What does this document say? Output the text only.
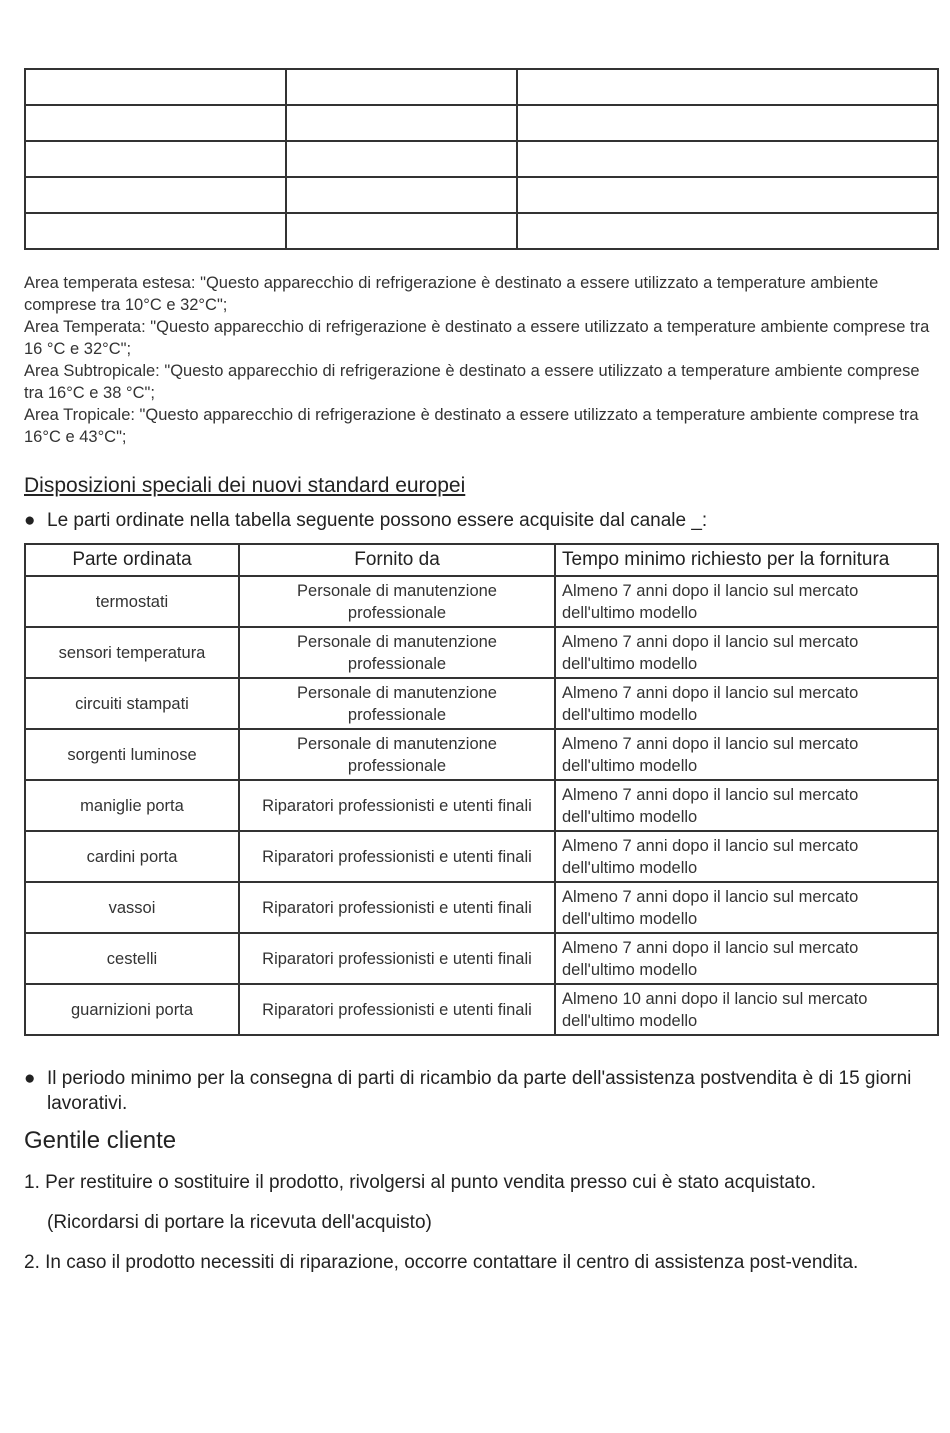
Area temperata estesa: "Questo apparecchio di refrigerazione è destinato a essere utilizzato a temperature ambiente comprese tra 10°C e 32°C";

Area Temperata: "Questo apparecchio di refrigerazione è destinato a essere utilizzato a temperature ambiente comprese tra 16 °C e 32°C";

Area Subtropicale: "Questo apparecchio di refrigerazione è destinato a essere utilizzato a temperature ambiente comprese tra 16°C e 38 °C";

Area Tropicale: "Questo apparecchio di refrigerazione è destinato a essere utilizzato a temperature ambiente comprese tra 16°C e 43°C";

Disposizioni speciali dei nuovi standard europei
● Le parti ordinate nella tabella seguente possono essere acquisite dal canale _:
Parte ordinata	Fornito da	Tempo minimo richiesto per la fornitura
termostati	Personale di manutenzione professionale	Almeno 7 anni dopo il lancio sul mercato dell'ultimo modello
sensori temperatura	Personale di manutenzione professionale	Almeno 7 anni dopo il lancio sul mercato dell'ultimo modello
circuiti stampati	Personale di manutenzione professionale	Almeno 7 anni dopo il lancio sul mercato dell'ultimo modello
sorgenti luminose	Personale di manutenzione professionale	Almeno 7 anni dopo il lancio sul mercato dell'ultimo modello
maniglie porta	Riparatori professionisti e utenti finali	Almeno 7 anni dopo il lancio sul mercato dell'ultimo modello
cardini porta	Riparatori professionisti e utenti finali	Almeno 7 anni dopo il lancio sul mercato dell'ultimo modello
vassoi	Riparatori professionisti e utenti finali	Almeno 7 anni dopo il lancio sul mercato dell'ultimo modello
cestelli	Riparatori professionisti e utenti finali	Almeno 7 anni dopo il lancio sul mercato dell'ultimo modello
guarnizioni porta	Riparatori professionisti e utenti finali	Almeno 10 anni dopo il lancio sul mercato dell'ultimo modello
● Il periodo minimo per la consegna di parti di ricambio da parte dell'assistenza postvendita è di 15 giorni lavorativi.
Gentile cliente
1. Per restituire o sostituire il prodotto, rivolgersi al punto vendita presso cui è stato acquistato.
(Ricordarsi di portare la ricevuta dell'acquisto)
2. In caso il prodotto necessiti di riparazione, occorre contattare il centro di assistenza post-vendita.
